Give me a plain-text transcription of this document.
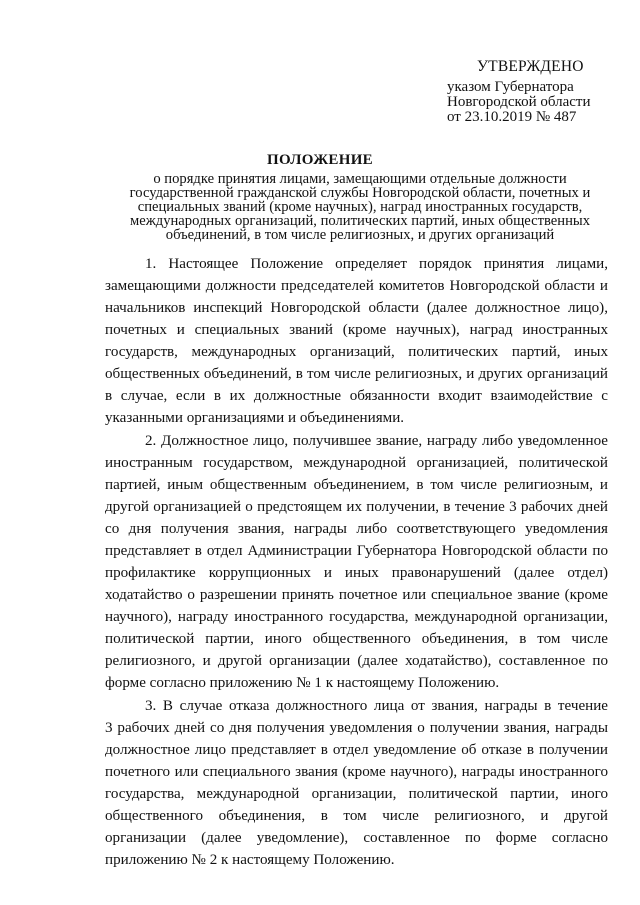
УТВЕРЖДЕНО
указом Губернатора
Новгородской области
от 23.10.2019 № 487
ПОЛОЖЕНИЕ
о порядке принятия лицами, замещающими отдельные должности
государственной гражданской службы Новгородской области, почетных и
специальных званий (кроме научных), наград иностранных государств,
международных организаций, политических партий, иных общественных
объединений, в том числе религиозных, и других организаций
1. Настоящее Положение определяет порядок принятия лицами,
замещающими должности председателей комитетов Новгородской области и
начальников инспекций Новгородской области (далее должностное лицо),
почетных и специальных званий (кроме научных), наград иностранных
государств, международных организаций, политических партий, иных
общественных объединений, в том числе религиозных, и других организаций
в случае, если в их должностные обязанности входит взаимодействие с
указанными организациями и объединениями.
2. Должностное лицо, получившее звание, награду либо уведомленное
иностранным государством, международной организацией, политической
партией, иным общественным объединением, в том числе религиозным, и
другой организацией о предстоящем их получении, в течение 3 рабочих дней
со дня получения звания, награды либо соответствующего уведомления
представляет в отдел Администрации Губернатора Новгородской области по
профилактике коррупционных и иных правонарушений (далее отдел)
ходатайство о разрешении принять почетное или специальное звание (кроме
научного), награду иностранного государства, международной организации,
политической партии, иного общественного объединения, в том числе
религиозного, и другой организации (далее ходатайство), составленное по
форме согласно приложению № 1 к настоящему Положению.
3. В случае отказа должностного лица от звания, награды в течение
3 рабочих дней со дня получения уведомления о получении звания, награды
должностное лицо представляет в отдел уведомление об отказе в получении
почетного или специального звания (кроме научного), награды иностранного
государства, международной организации, политической партии, иного
общественного объединения, в том числе религиозного, и другой
организации (далее уведомление), составленное по форме согласно
приложению № 2 к настоящему Положению.
